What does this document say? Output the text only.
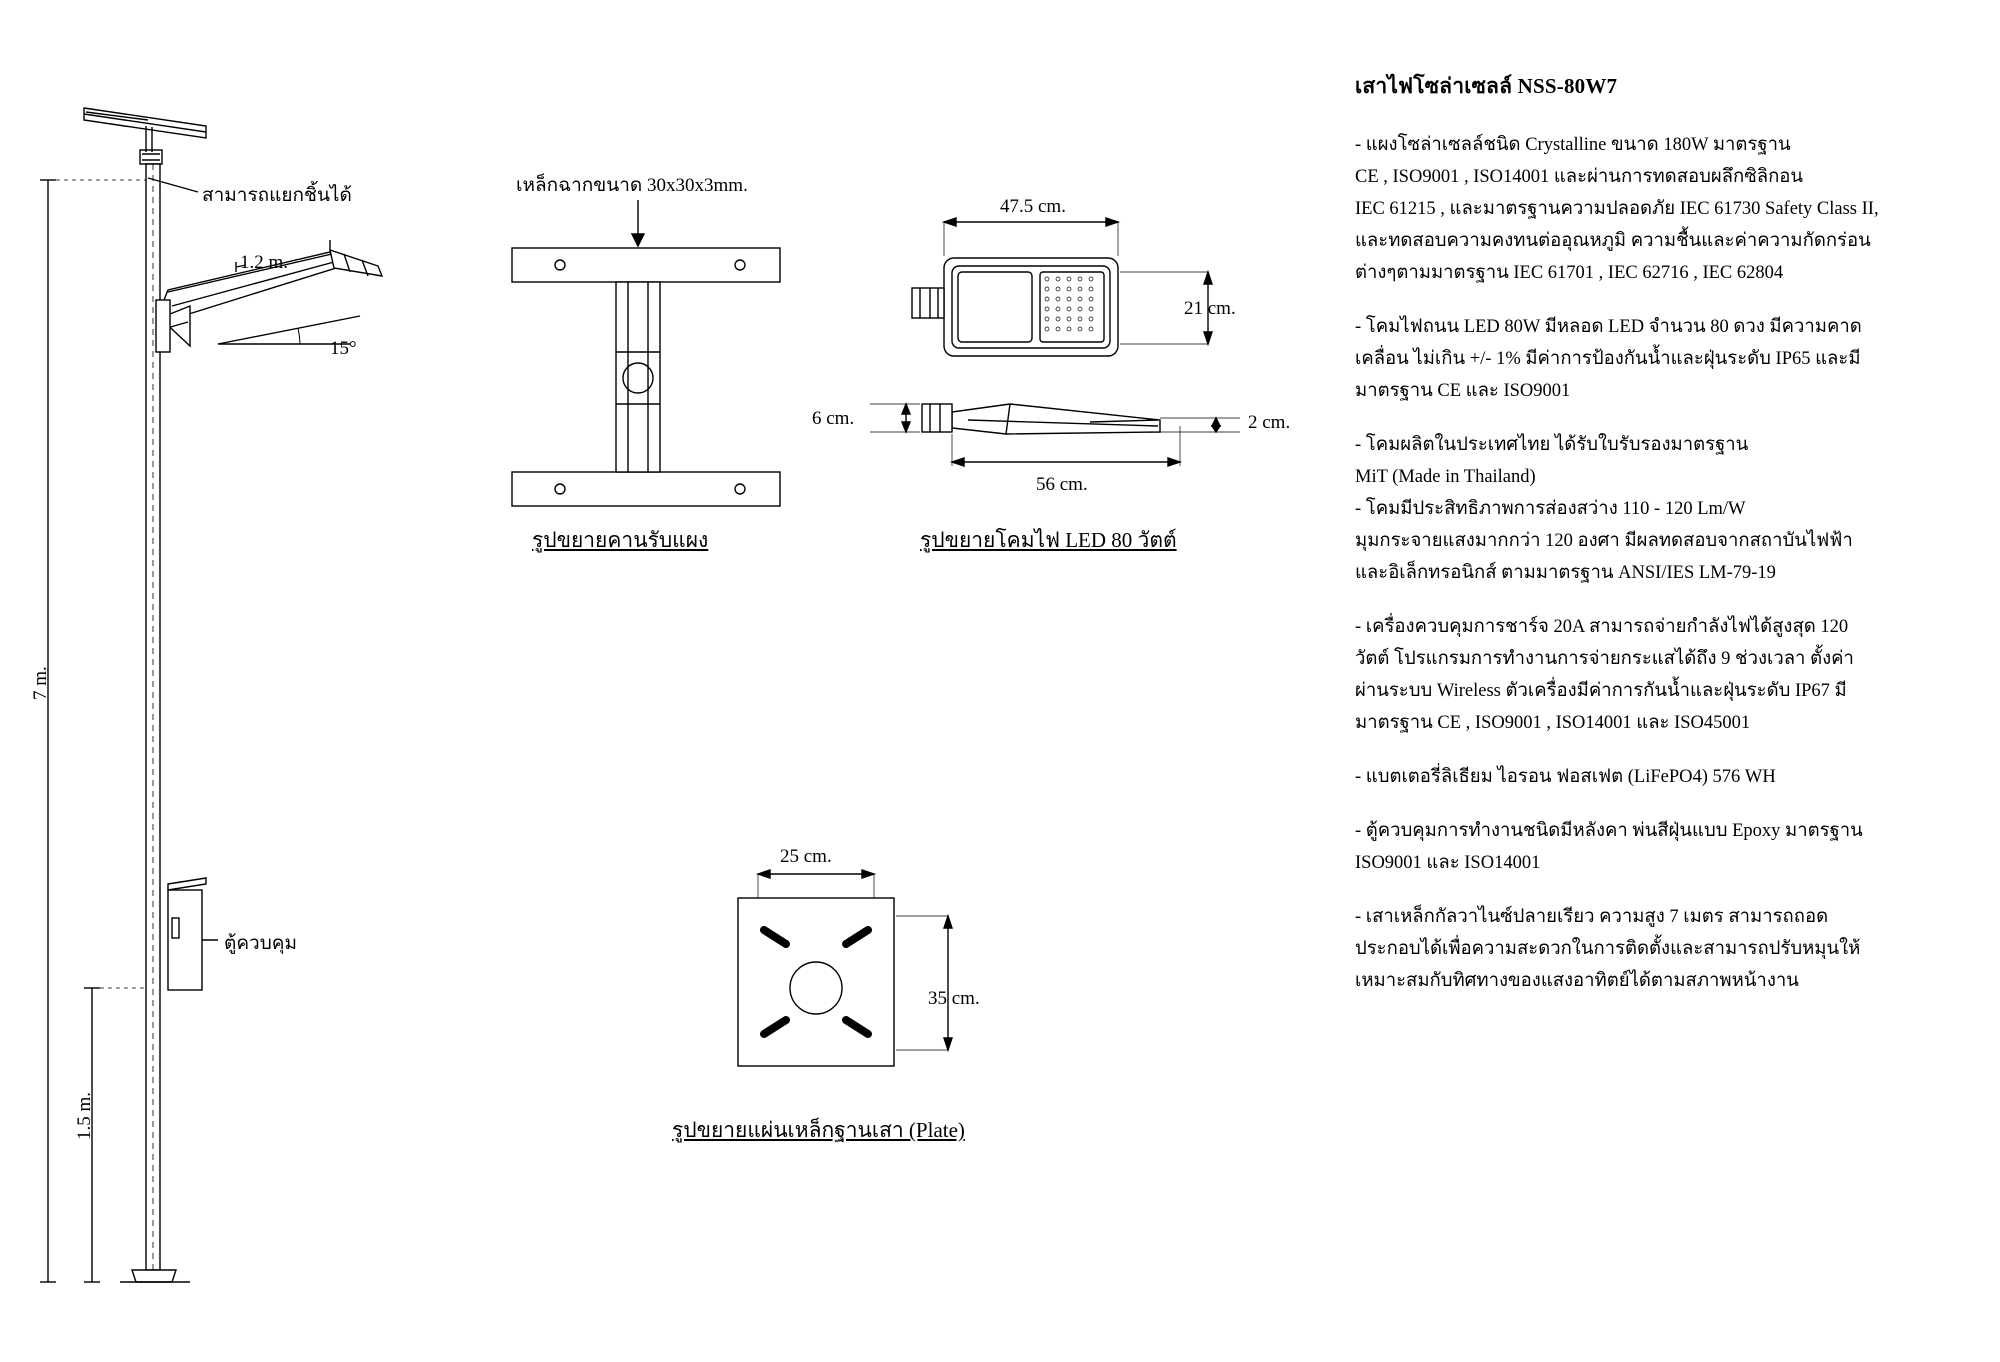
สามารถแยกชิ้นได้
1.2 m.
15°
7 m.
1.5 m.
ตู้ควบคุม
เหล็กฉากขนาด 30x30x3mm.
รูปขยายคานรับแผง
47.5 cm.
21 cm.
6 cm.	2 cm.
56 cm.
รูปขยายโคมไฟ LED 80 วัตต์
25 cm.
35 cm.
รูปขยายแผ่นเหล็กฐานเสา (Plate)
เสาไฟโซล่าเซลล์ NSS-80W7
- แผงโซล่าเซลล์ชนิด Crystalline ขนาด 180W มาตรฐาน
CE , ISO9001 , ISO14001 และผ่านการทดสอบผลึกซิลิกอน
IEC 61215 , และมาตรฐานความปลอดภัย IEC 61730 Safety Class II,
และทดสอบความคงทนต่ออุณหภูมิ ความชื้นและค่าความกัดกร่อน
ต่างๆตามมาตรฐาน IEC 61701 , IEC 62716 , IEC 62804
- โคมไฟถนน LED 80W มีหลอด LED จำนวน 80 ดวง มีความคาด
เคลื่อน ไม่เกิน +/- 1% มีค่าการป้องกันน้ำและฝุ่นระดับ IP65 และมี
มาตรฐาน CE และ ISO9001
- โคมผลิตในประเทศไทย ได้รับใบรับรองมาตรฐาน
MiT (Made in Thailand)
- โคมมีประสิทธิภาพการส่องสว่าง 110 - 120 Lm/W
มุมกระจายแสงมากกว่า 120 องศา มีผลทดสอบจากสถาบันไฟฟ้า
และอิเล็กทรอนิกส์ ตามมาตรฐาน ANSI/IES LM-79-19
- เครื่องควบคุมการชาร์จ 20A สามารถจ่ายกำลังไฟได้สูงสุด 120
วัตต์ โปรแกรมการทำงานการจ่ายกระแสได้ถึง 9 ช่วงเวลา ตั้งค่า
ผ่านระบบ Wireless ตัวเครื่องมีค่าการกันน้ำและฝุ่นระดับ IP67 มี
มาตรฐาน CE , ISO9001 , ISO14001 และ ISO45001
- แบตเตอรี่ลิเธียม ไอรอน ฟอสเฟต (LiFePO4) 576 WH
- ตู้ควบคุมการทำงานชนิดมีหลังคา พ่นสีฝุ่นแบบ Epoxy มาตรฐาน
ISO9001 และ ISO14001
- เสาเหล็กกัลวาไนซ์ปลายเรียว ความสูง 7 เมตร สามารถถอด
ประกอบได้เพื่อความสะดวกในการติดตั้งและสามารถปรับหมุนให้
เหมาะสมกับทิศทางของแสงอาทิตย์ได้ตามสภาพหน้างาน
